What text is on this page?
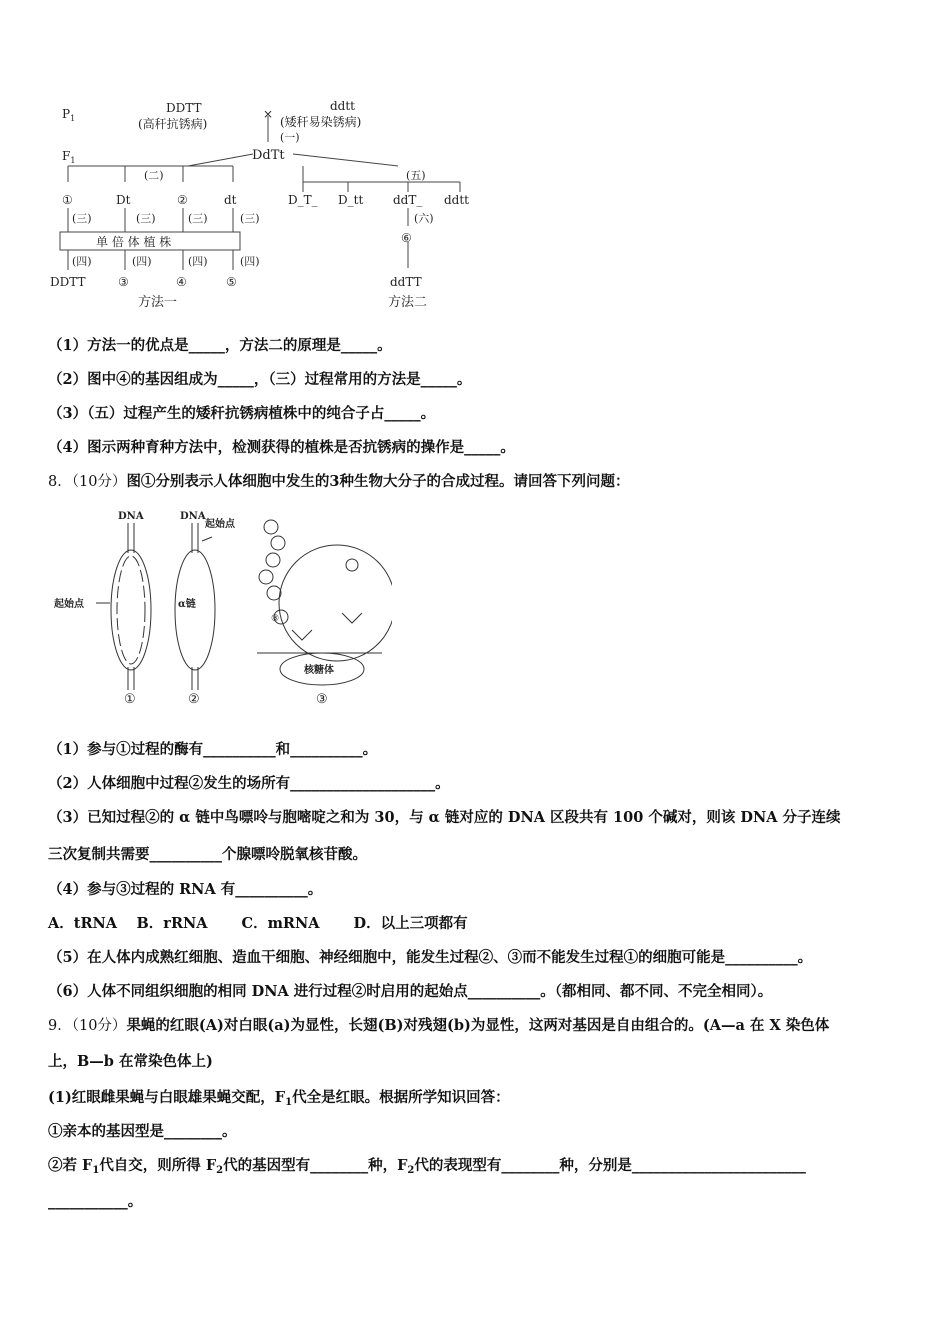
$P_1$
$F_1$
DDTT
(高秆抗锈病)
×
ddtt
(矮秆易染锈病)
(一)
DdTt
(二)	(五)
①	Dt	②	dt
(三)	(三)	(三)	(三)
单 倍 体 植 株
(四)	(四)	(四)	(四)
DDTT	③	④	⑤
方法一
D_T_ D_tt ddT_ ddtt
(六)
⑥
ddTT
方法二
（1）方法一的优点是_____，方法二的原理是_____。
（2）图中④的基因组成为_____，（三）过程常用的方法是_____。
（3）（五）过程产生的矮秆抗锈病植株中的纯合子占_____。
（4）图示两种育种方法中，检测获得的植株是否抗锈病的操作是_____。
8．（10分）图①分别表示人体细胞中发生的3种生物大分子的合成过程。请回答下列问题：
DNA	DNA
起始点
起始点	α链
核糖体
⑧
①	②	③
（1）参与①过程的酶有__________和__________。
（2）人体细胞中过程②发生的场所有____________________。
（3）已知过程②的 α 链中鸟嘌呤与胞嘧啶之和为 30，与 α 链对应的 DNA 区段共有 100 个碱对，则该 DNA 分子连续
三次复制共需要__________个腺嘌呤脱氧核苷酸。
（4）参与③过程的 RNA 有__________。
A．tRNA　 B．rRNA　　 C．mRNA　　 D．以上三项都有
（5）在人体内成熟红细胞、造血干细胞、神经细胞中，能发生过程②、③而不能发生过程①的细胞可能是__________。
（6）人体不同组织细胞的相同 DNA 进行过程②时启用的起始点__________。（都相同、都不同、不完全相同）。
9．（10分）果蝇的红眼(A)对白眼(a)为显性，长翅(B)对残翅(b)为显性，这两对基因是自由组合的。(A—a 在 X 染色体
上，B—b 在常染色体上)
(1)红眼雌果蝇与白眼雄果蝇交配，$F_1$代全是红眼。根据所学知识回答：
①亲本的基因型是________。
②若 $F_1$代自交，则所得 $F_2$代的基因型有________种，$F_2$代的表现型有________种，分别是________________________
___________。
